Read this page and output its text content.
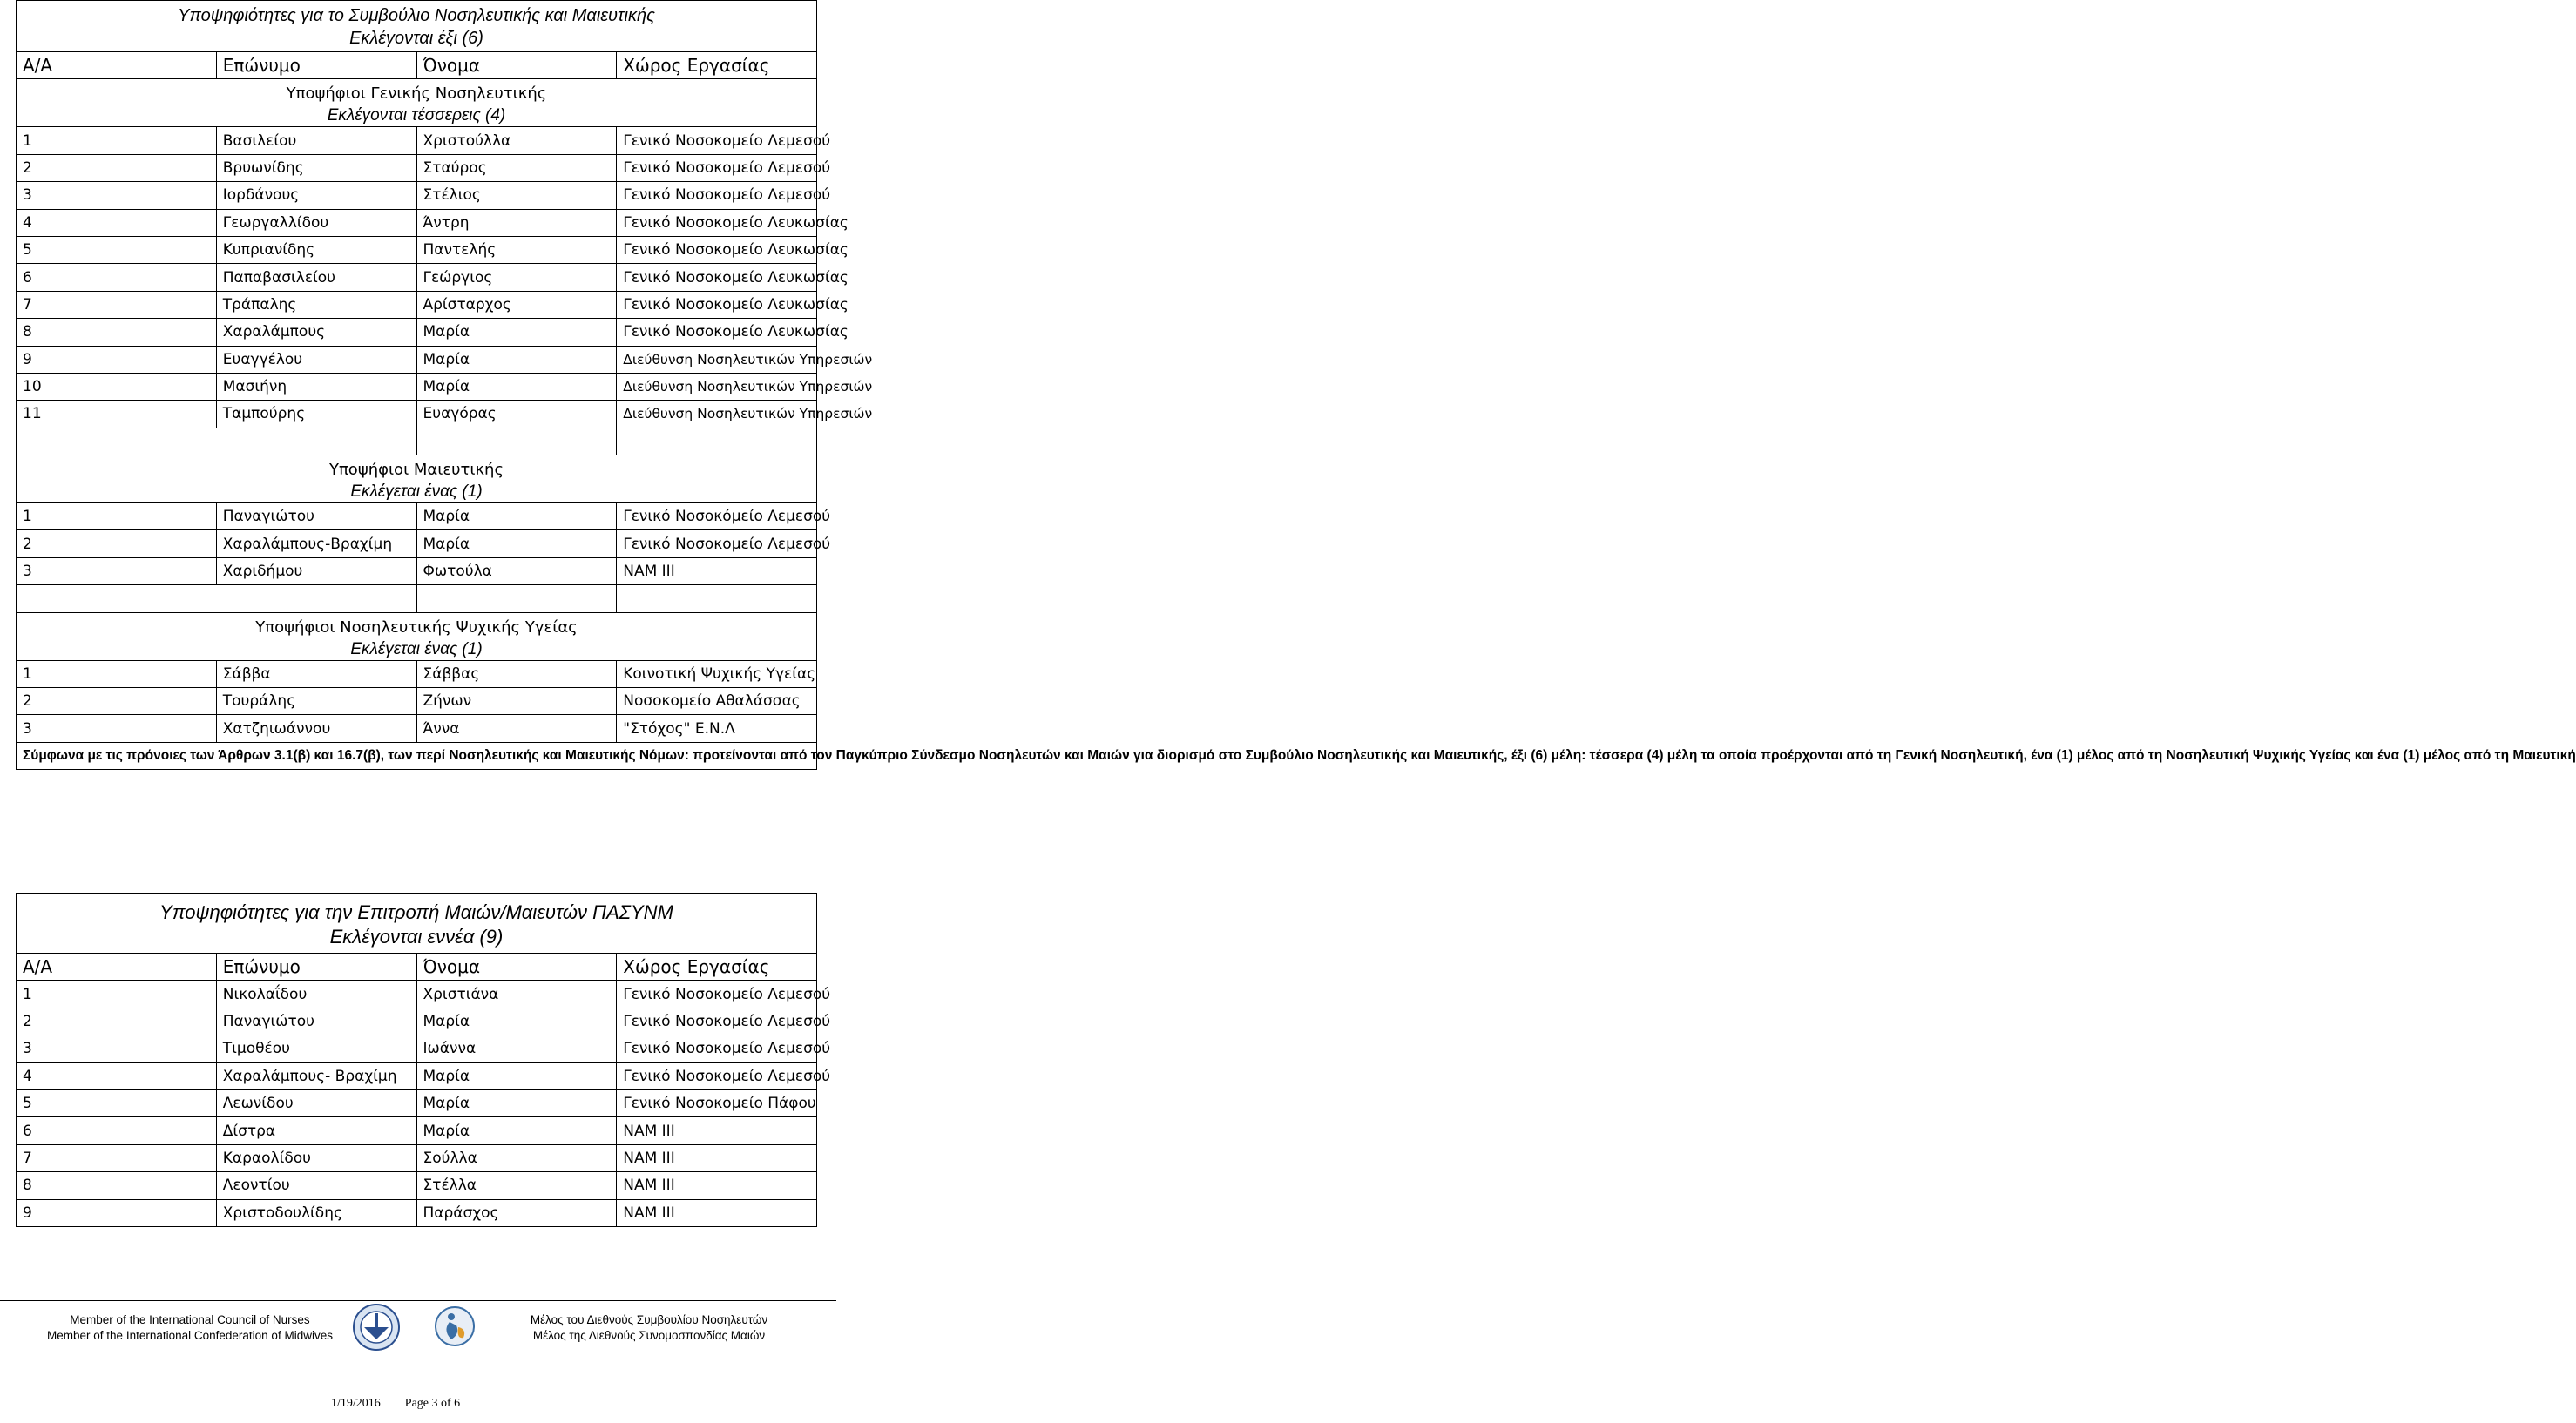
Υποψηφιότητες για το Συμβούλιο Νοσηλευτικής και Μαιευτικής
Εκλέγονται έξι (6)			

Α/Α	Επώνυμο	Όνομα	Χώρος Εργασίας

Υποψήφιοι Γενικής Νοσηλευτικής
Εκλέγονται τέσσερεις (4)			

1	Βασιλείου	Χριστούλλα	Γενικό Νοσοκομείο Λεμεσού
2	Βρυωνίδης	Σταύρος	Γενικό Νοσοκομείο Λεμεσού
3	Ιορδάνους	Στέλιος	Γενικό Νοσοκομείο Λεμεσού
4	Γεωργαλλίδου	Άντρη	Γενικό Νοσοκομείο Λευκωσίας
5	Κυπριανίδης	Παντελής	Γενικό Νοσοκομείο Λευκωσίας
6	Παπαβασιλείου	Γεώργιος	Γενικό Νοσοκομείο Λευκωσίας
7	Τράπαλης	Αρίσταρχος	Γενικό Νοσοκομείο Λευκωσίας
8	Χαραλάμπους	Μαρία	Γενικό Νοσοκομείο Λευκωσίας
9	Ευαγγέλου	Μαρία	Διεύθυνση Νοσηλευτικών Υπηρεσιών
10	Μασιήνη	Μαρία	Διεύθυνση Νοσηλευτικών Υπηρεσιών
11	Ταμπούρης	Ευαγόρας	Διεύθυνση Νοσηλευτικών Υπηρεσιών

Υποψήφιοι Μαιευτικής
Εκλέγεται ένας (1)			

1	Παναγιώτου	Μαρία	Γενικό Νοσοκόμείο Λεμεσού
2	Χαραλάμπους-Βραχίμη	Μαρία	Γενικό Νοσοκομείο Λεμεσού
3	Χαριδήμου	Φωτούλα	ΝΑΜ ΙΙΙ

Υποψήφιοι Νοσηλευτικής Ψυχικής Υγείας
Εκλέγεται ένας (1)			

1	Σάββα	Σάββας	Κοινοτική Ψυχικής Υγείας
2	Τουράλης	Ζήνων	Νοσοκομείο Αθαλάσσας
3	Χατζηιωάννου	Άννα	"Στόχος" Ε.Ν.Λ
Σύμφωνα με τις πρόνοιες των Άρθρων 3.1(β) και 16.7(β), των περί Νοσηλευτικής και Μαιευτικής Νόμων: προτείνονται από τον Παγκύπριο Σύνδεσμο Νοσηλευτών και Μαιών για διορισμό στο Συμβούλιο Νοσηλευτικής και Μαιευτικής, έξι (6) μέλη: τέσσερα (4) μέλη τα οποία προέρχονται από τη Γενική Νοσηλευτική, ένα (1) μέλος από τη Νοσηλευτική Ψυχικής Υγείας και ένα (1) μέλος από τη Μαιευτική			
Υποψηφιότητες για την Επιτροπή Μαιών/Μαιευτών ΠΑΣΥΝΜ
Εκλέγονται εννέα (9)			

Α/Α	Επώνυμο	Όνομα	Χώρος Εργασίας
1	Νικολαΐδου	Χριστιάνα	Γενικό Νοσοκομείο Λεμεσού
2	Παναγιώτου	Μαρία	Γενικό Νοσοκομείο Λεμεσού
3	Τιμοθέου	Ιωάννα	Γενικό Νοσοκομείο Λεμεσού
4	Χαραλάμπους- Βραχίμη	Μαρία	Γενικό Νοσοκομείο Λεμεσού
5	Λεωνίδου	Μαρία	Γενικό Νοσοκομείο Πάφου
6	Δίστρα	Μαρία	ΝΑΜ ΙΙΙ
7	Καραολίδου	Σούλλα	ΝΑΜ ΙΙΙ
8	Λεοντίου	Στέλλα	ΝΑΜ ΙΙΙ
9	Χριστοδουλίδης	Παράσχος	ΝΑΜ ΙΙΙ
Member of the International Council of Nurses
Member of the International Confederation of Midwives
Μέλος του Διεθνούς Συμβουλίου Νοσηλευτών
Μέλος της Διεθνούς Συνομοσπονδίας Μαιών
1/19/2016 Page 3 of 6
